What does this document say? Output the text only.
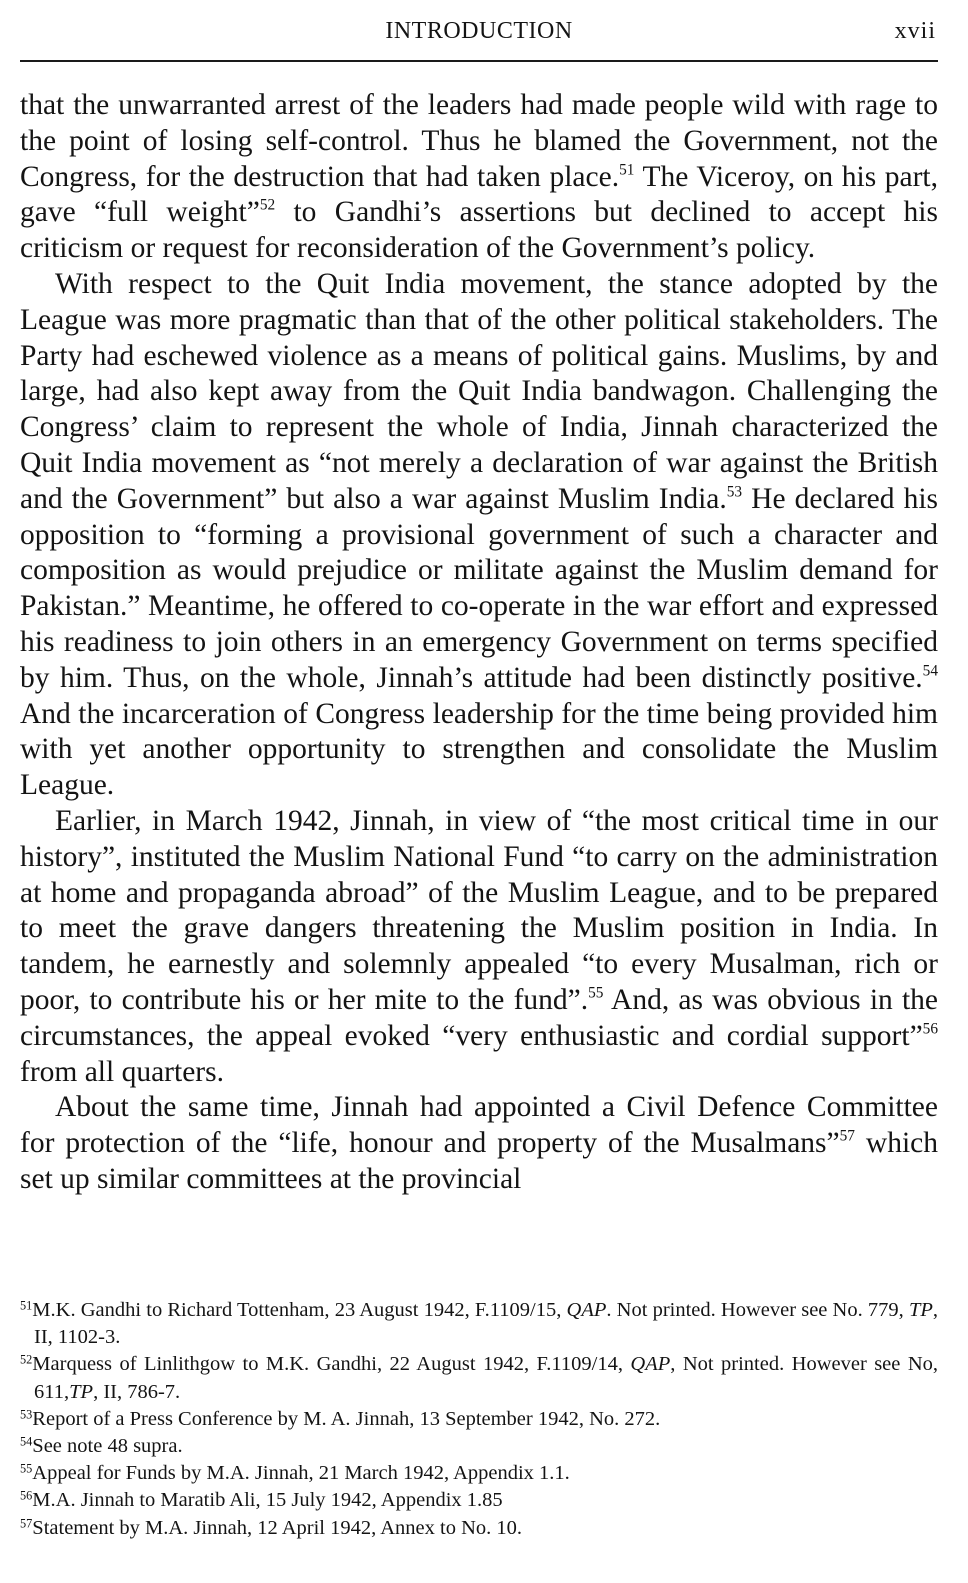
INTRODUCTION	xvii

that the unwarranted arrest of the leaders had made people wild with rage to the point of losing self-control. Thus he blamed the Government, not the Congress, for the destruction that had taken place.$^{51}$ The Viceroy, on his part, gave “full weight”$^{52}$ to Gandhi’s assertions but declined to accept his criticism or request for reconsideration of the Government’s policy.

With respect to the Quit India movement, the stance adopted by the League was more pragmatic than that of the other political stakeholders. The Party had eschewed violence as a means of political gains. Muslims, by and large, had also kept away from the Quit India bandwagon. Challenging the Congress’ claim to represent the whole of India, Jinnah characterized the Quit India movement as “not merely a declaration of war against the British and the Government” but also a war against Muslim India.$^{53}$ He declared his opposition to “forming a provisional government of such a character and composition as would prejudice or militate against the Muslim demand for Pakistan.” Meantime, he offered to co-operate in the war effort and expressed his readiness to join others in an emergency Government on terms specified by him. Thus, on the whole, Jinnah’s attitude had been distinctly positive.$^{54}$ And the incarceration of Congress leadership for the time being provided him with yet another opportunity to strengthen and consolidate the Muslim League.

Earlier, in March 1942, Jinnah, in view of “the most critical time in our history”, instituted the Muslim National Fund “to carry on the administration at home and propaganda abroad” of the Muslim League, and to be prepared to meet the grave dangers threatening the Muslim position in India. In tandem, he earnestly and solemnly appealed “to every Musalman, rich or poor, to contribute his or her mite to the fund”.$^{55}$ And, as was obvious in the circumstances, the appeal evoked “very enthusiastic and cordial support”$^{56}$ from all quarters.

About the same time, Jinnah had appointed a Civil Defence Committee for protection of the “life, honour and property of the Musalmans”$^{57}$ which set up similar committees at the provincial

$^{51}$M.K. Gandhi to Richard Tottenham, 23 August 1942, F.1109/15, QAP. Not printed. However see No. 779, TP, II, 1102-3.
$^{52}$Marquess of Linlithgow to M.K. Gandhi, 22 August 1942, F.1109/14, QAP, Not printed. However see No, 611,TP, II, 786-7.
$^{53}$Report of a Press Conference by M. A. Jinnah, 13 September 1942, No. 272.
$^{54}$See note 48 supra.
$^{55}$Appeal for Funds by M.A. Jinnah, 21 March 1942, Appendix 1.1.
$^{56}$M.A. Jinnah to Maratib Ali, 15 July 1942, Appendix 1.85
$^{57}$Statement by M.A. Jinnah, 12 April 1942, Annex to No. 10.
